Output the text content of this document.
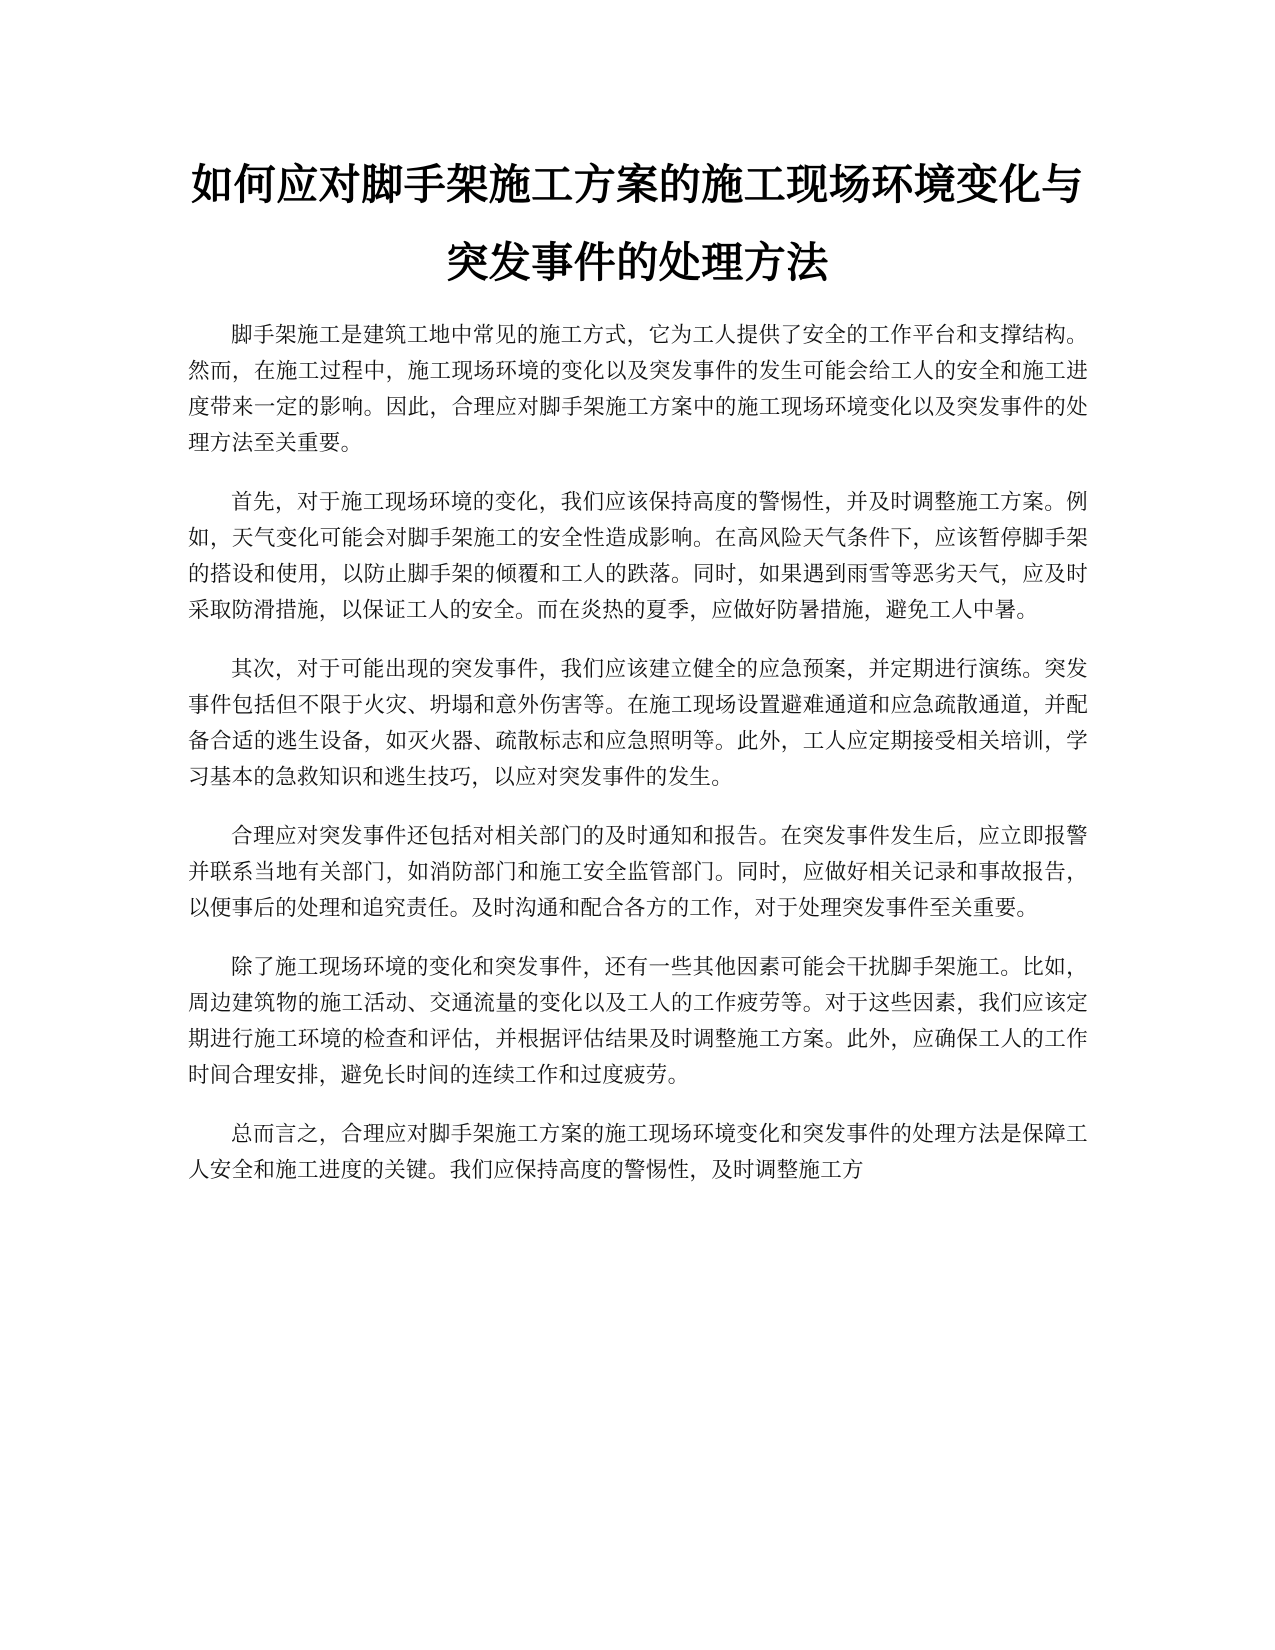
如何应对脚手架施工方案的施工现场环境变化与突发事件的处理方法

脚手架施工是建筑工地中常见的施工方式，它为工人提供了安全的工作平台和支撑结构。然而，在施工过程中，施工现场环境的变化以及突发事件的发生可能会给工人的安全和施工进度带来一定的影响。因此，合理应对脚手架施工方案中的施工现场环境变化以及突发事件的处理方法至关重要。

首先，对于施工现场环境的变化，我们应该保持高度的警惕性，并及时调整施工方案。例如，天气变化可能会对脚手架施工的安全性造成影响。在高风险天气条件下，应该暂停脚手架的搭设和使用，以防止脚手架的倾覆和工人的跌落。同时，如果遇到雨雪等恶劣天气，应及时采取防滑措施，以保证工人的安全。而在炎热的夏季，应做好防暑措施，避免工人中暑。

其次，对于可能出现的突发事件，我们应该建立健全的应急预案，并定期进行演练。突发事件包括但不限于火灾、坍塌和意外伤害等。在施工现场设置避难通道和应急疏散通道，并配备合适的逃生设备，如灭火器、疏散标志和应急照明等。此外，工人应定期接受相关培训，学习基本的急救知识和逃生技巧，以应对突发事件的发生。

合理应对突发事件还包括对相关部门的及时通知和报告。在突发事件发生后，应立即报警并联系当地有关部门，如消防部门和施工安全监管部门。同时，应做好相关记录和事故报告，以便事后的处理和追究责任。及时沟通和配合各方的工作，对于处理突发事件至关重要。

除了施工现场环境的变化和突发事件，还有一些其他因素可能会干扰脚手架施工。比如，周边建筑物的施工活动、交通流量的变化以及工人的工作疲劳等。对于这些因素，我们应该定期进行施工环境的检查和评估，并根据评估结果及时调整施工方案。此外，应确保工人的工作时间合理安排，避免长时间的连续工作和过度疲劳。

总而言之，合理应对脚手架施工方案的施工现场环境变化和突发事件的处理方法是保障工人安全和施工进度的关键。我们应保持高度的警惕性，及时调整施工方
